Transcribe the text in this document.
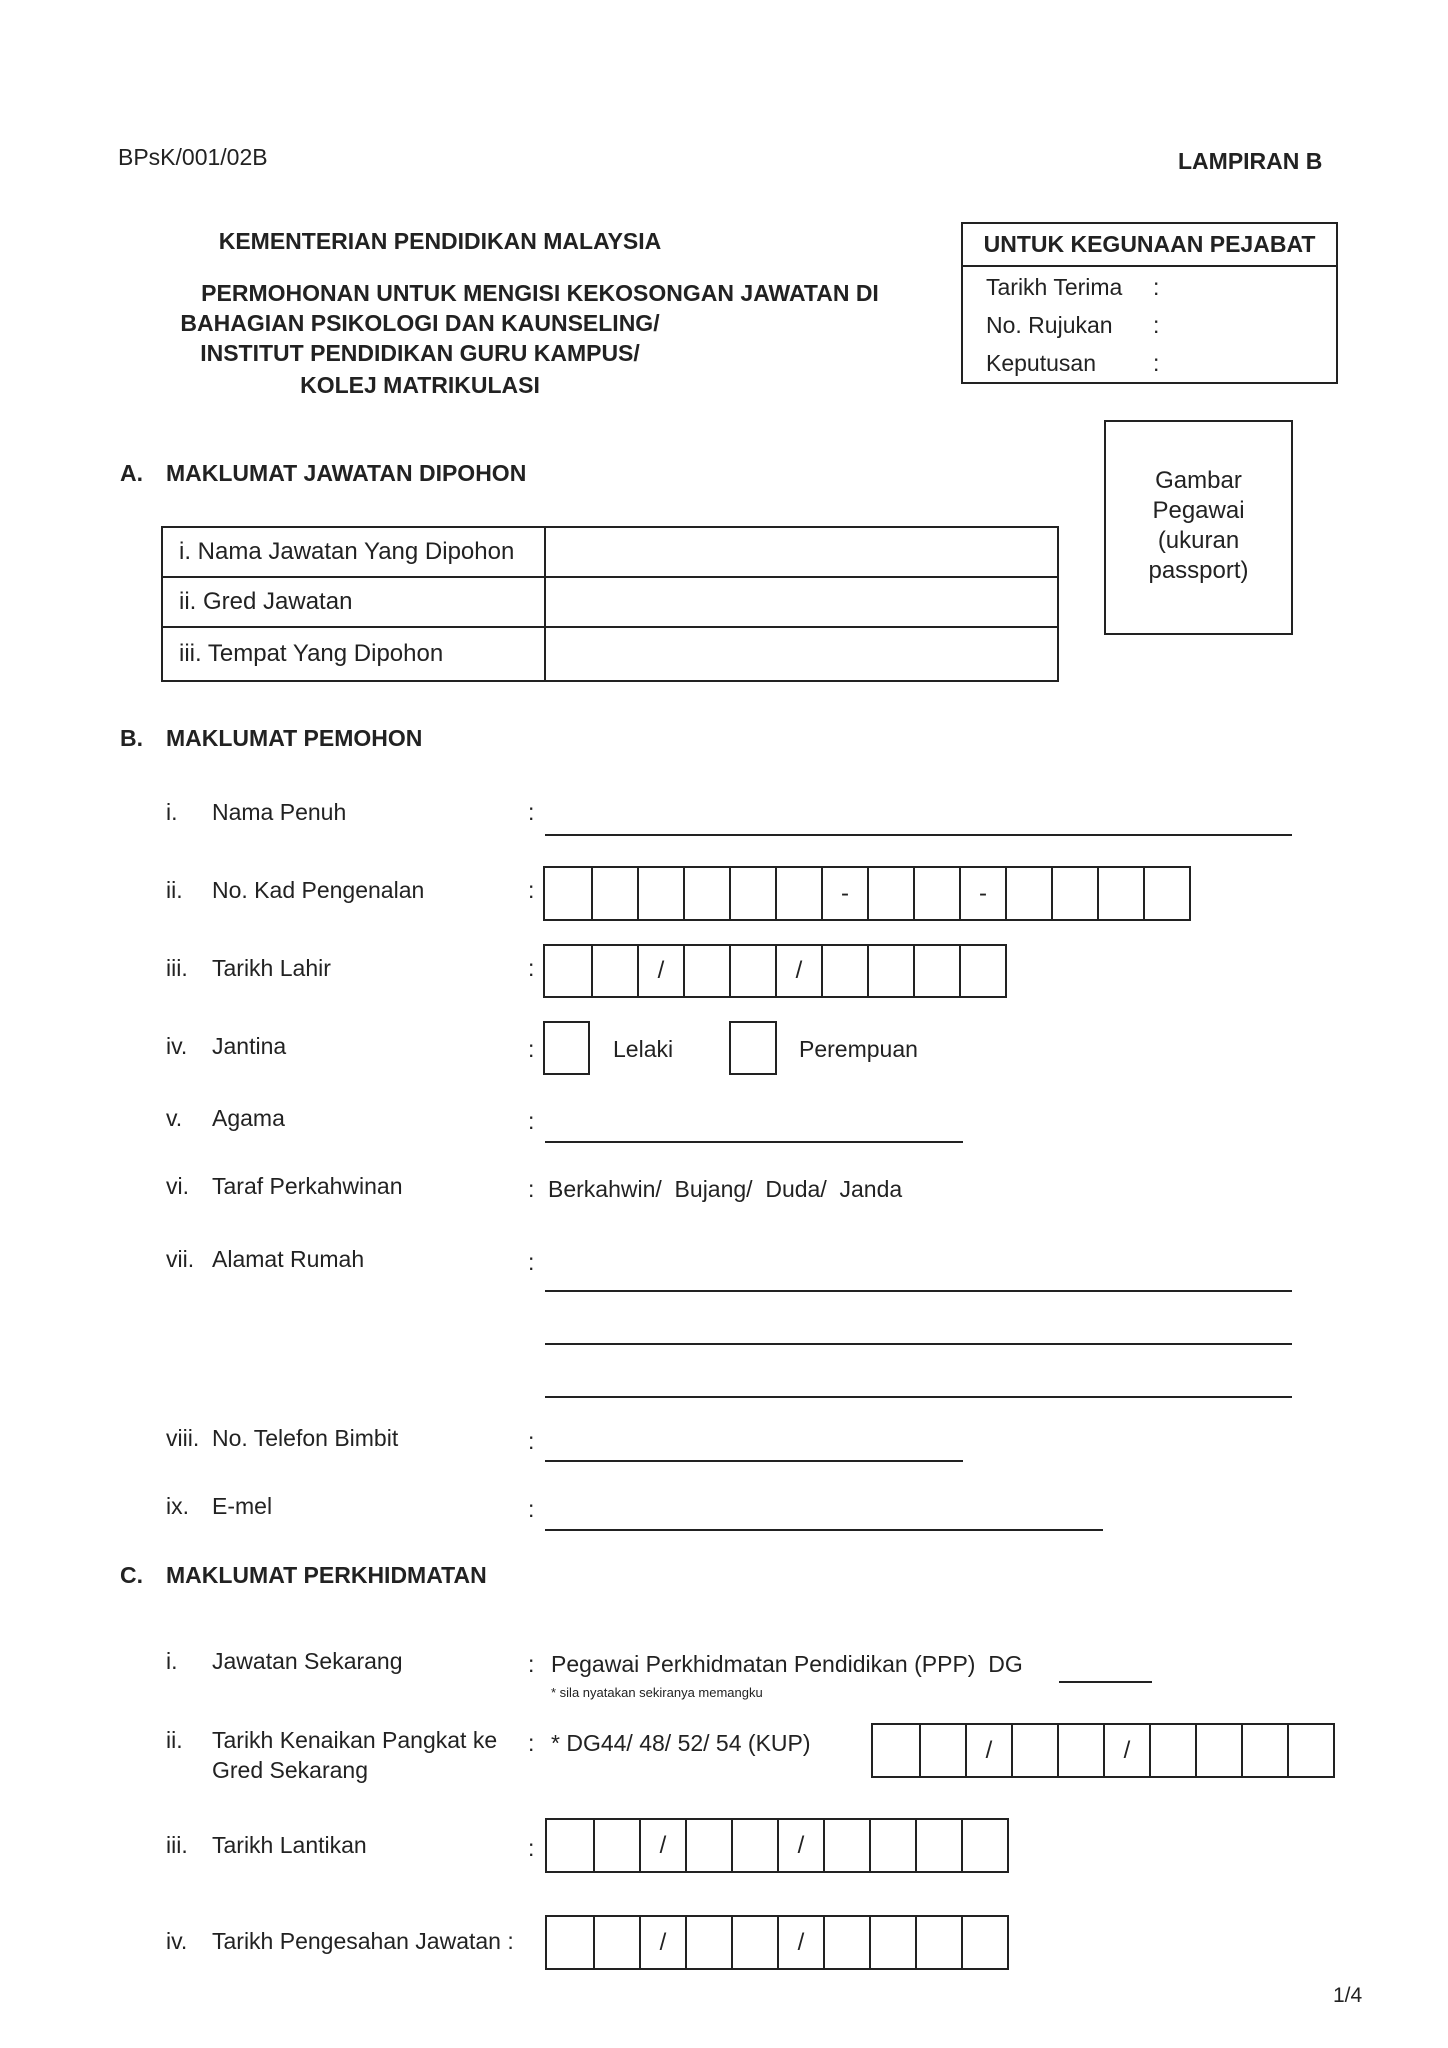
BPsK/001/02B	LAMPIRAN B
KEMENTERIAN PENDIDIKAN MALAYSIA
PERMOHONAN UNTUK MENGISI KEKOSONGAN JAWATAN DI
BAHAGIAN PSIKOLOGI DAN KAUNSELING/
INSTITUT PENDIDIKAN GURU KAMPUS/
KOLEJ MATRIKULASI
UNTUK KEGUNAAN PEJABAT
Tarikh Terima :
No. Rujukan :
Keputusan :
Gambar
Pegawai
(ukuran
passport)
A. MAKLUMAT JAWATAN DIPOHON
i. Nama Jawatan Yang Dipohon	
ii. Gred Jawatan	
iii. Tempat Yang Dipohon	
B. MAKLUMAT PEMOHON
i. Nama Penuh	:
ii. No. Kad Pengenalan	:	-	-
iii. Tarikh Lahir	:	/	/
iv. Jantina	:	Lelaki	Perempuan
v. Agama	:
vi. Taraf Perkahwinan	: Berkahwin/  Bujang/  Duda/  Janda
vii. Alamat Rumah	:
viii. No. Telefon Bimbit	:
ix. E-mel	:
C. MAKLUMAT PERKHIDMATAN
i. Jawatan Sekarang	: Pegawai Perkhidmatan Pendidikan (PPP)  DG
* sila nyatakan sekiranya memangku
ii. Tarikh Kenaikan Pangkat ke
Gred Sekarang
: * DG44/ 48/ 52/ 54 (KUP)	/	/
iii. Tarikh Lantikan	:	/	/
iv. Tarikh Pengesahan Jawatan :	/	/
1/4
